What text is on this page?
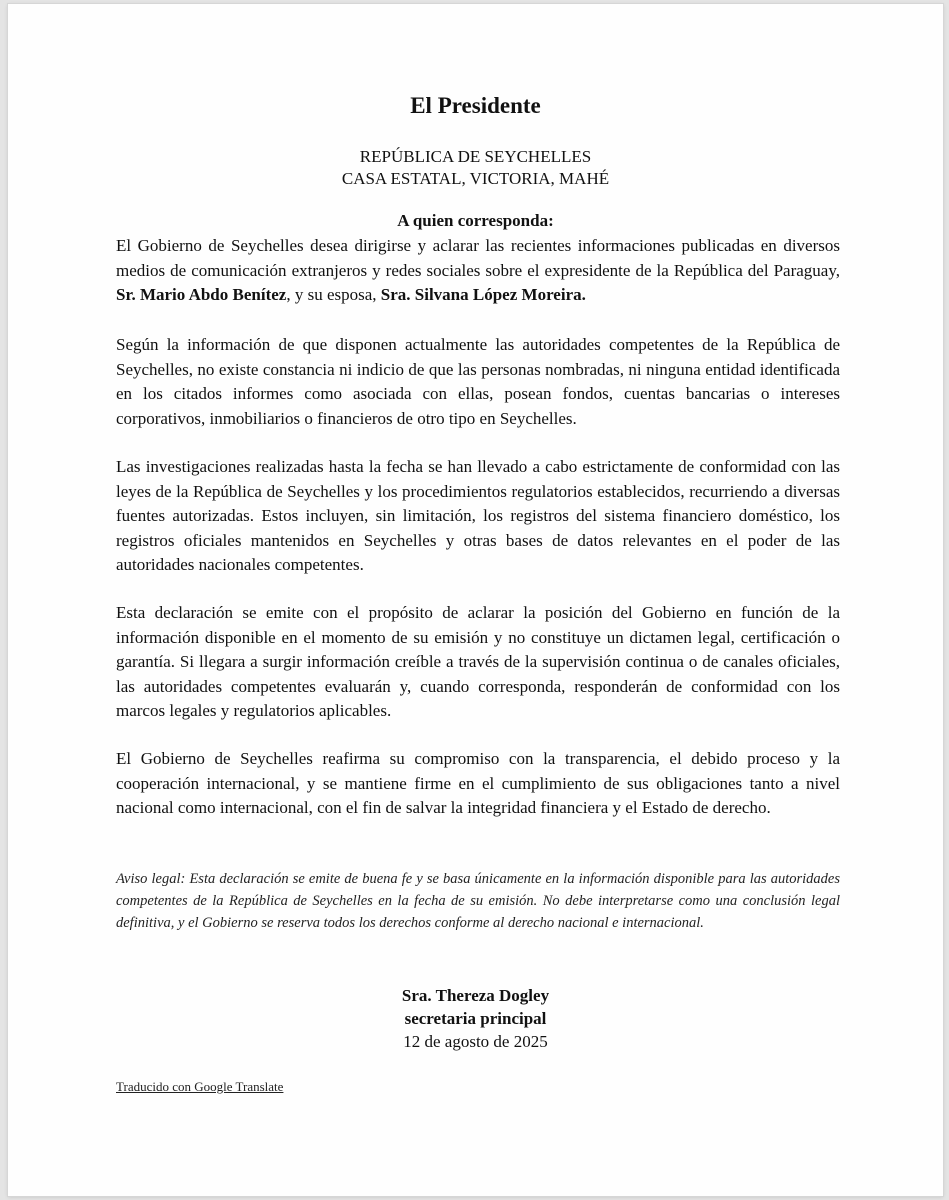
El Presidente
REPÚBLICA DE SEYCHELLES
CASA ESTATAL, VICTORIA, MAHÉ
A quien corresponda:

El Gobierno de Seychelles desea dirigirse y aclarar las recientes informaciones publicadas en diversos medios de comunicación extranjeros y redes sociales sobre el expresidente de la República del Paraguay, Sr. Mario Abdo Benítez, y su esposa, Sra. Silvana López Moreira.

Según la información de que disponen actualmente las autoridades competentes de la República de Seychelles, no existe constancia ni indicio de que las personas nombradas, ni ninguna entidad identificada en los citados informes como asociada con ellas, posean fondos, cuentas bancarias o intereses corporativos, inmobiliarios o financieros de otro tipo en Seychelles.

Las investigaciones realizadas hasta la fecha se han llevado a cabo estrictamente de conformidad con las leyes de la República de Seychelles y los procedimientos regulatorios establecidos, recurriendo a diversas fuentes autorizadas. Estos incluyen, sin limitación, los registros del sistema financiero doméstico, los registros oficiales mantenidos en Seychelles y otras bases de datos relevantes en el poder de las autoridades nacionales competentes.

Esta declaración se emite con el propósito de aclarar la posición del Gobierno en función de la información disponible en el momento de su emisión y no constituye un dictamen legal, certificación o garantía. Si llegara a surgir información creíble a través de la supervisión continua o de canales oficiales, las autoridades competentes evaluarán y, cuando corresponda, responderán de conformidad con los marcos legales y regulatorios aplicables.

El Gobierno de Seychelles reafirma su compromiso con la transparencia, el debido proceso y la cooperación internacional, y se mantiene firme en el cumplimiento de sus obligaciones tanto a nivel nacional como internacional, con el fin de salvar la integridad financiera y el Estado de derecho.

Aviso legal: Esta declaración se emite de buena fe y se basa únicamente en la información disponible para las autoridades competentes de la República de Seychelles en la fecha de su emisión. No debe interpretarse como una conclusión legal definitiva, y el Gobierno se reserva todos los derechos conforme al derecho nacional e internacional.

Sra. Thereza Dogley
secretaria principal
12 de agosto de 2025
Traducido con Google Translate
